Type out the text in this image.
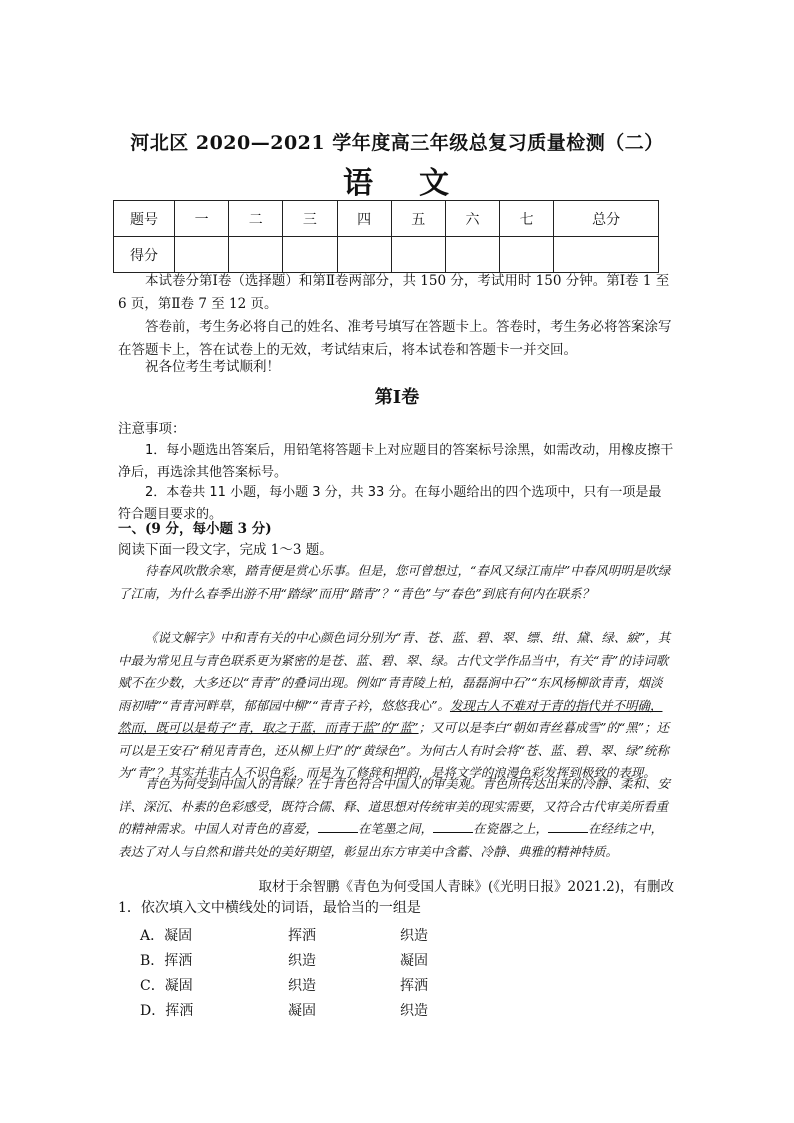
河北区 2020—2021 学年度高三年级总复习质量检测（二）
语 文
题号	一	二	三	四	五	六	七	总分
得分								
本试卷分第Ⅰ卷（选择题）和第Ⅱ卷两部分，共 150 分，考试用时 150 分钟。第Ⅰ卷 1 至 6 页，第Ⅱ卷 7 至 12 页。
答卷前，考生务必将自己的姓名、准考号填写在答题卡上。答卷时，考生务必将答案涂写在答题卡上，答在试卷上的无效，考试结束后，将本试卷和答题卡一并交回。
祝各位考生考试顺利！
第Ⅰ卷
注意事项：
1．每小题选出答案后，用铅笔将答题卡上对应题目的答案标号涂黑，如需改动，用橡皮擦干净后，再选涂其他答案标号。
2．本卷共 11 小题，每小题 3 分，共 33 分。在每小题给出的四个选项中，只有一项是最符合题目要求的。
一、(9 分，每小题 3 分)
阅读下面一段文字，完成 1～3 题。
待春风吹散余寒，踏青便是赏心乐事。但是，您可曾想过，“春风又绿江南岸”中春风明明是吹绿了江南，为什么春季出游不用“踏绿”而用“踏青”？“青色”与“春色”到底有何内在联系？
《说文解字》中和青有关的中心颜色词分别为“青、苍、蓝、碧、翠、缥、绀、黛、绿、綟”，其中最为常见且与青色联系更为紧密的是苍、蓝、碧、翠、绿。古代文学作品当中，有关“青”的诗词歌赋不在少数，大多还以“青青”的叠词出现。例如“青青陵上柏，磊磊涧中石”“东风杨柳欲青青，烟淡雨初晴”“青青河畔草，郁郁园中柳”“青青子衿，悠悠我心”。发现古人不难对于青的指代并不明确，然而，既可以是荀子“青，取之于蓝，而青于蓝”的“蓝”；又可以是李白“朝如青丝暮成雪”的“黑”；还可以是王安石“稍见青青色，还从柳上归”的“黄绿色”。为何古人有时会将“苍、蓝、碧、翠、绿”统称为“青”？其实并非古人不识色彩，而是为了修辞和押韵，是将文学的浪漫色彩发挥到极致的表现。
青色为何受到中国人的青睐？在于青色符合中国人的审美观。青色所传达出来的冷静、柔和、安详、深沉、朴素的色彩感受，既符合儒、释、道思想对传统审美的现实需要，又符合古代审美所看重的精神需求。中国人对青色的喜爱，	在笔墨之间，	在瓷器之上，	在经纬之中，表达了对人与自然和谐共处的美好期望，彰显出东方审美中含蓄、冷静、典雅的精神特质。
取材于余智鹏《青色为何受国人青睐》(《光明日报》2021.2)，有删改
1．依次填入文中横线处的词语，最恰当的一组是
A．凝固	挥洒	织造
B．挥洒	织造	凝固
C．凝固	织造	挥洒
D．挥洒	凝固	织造
